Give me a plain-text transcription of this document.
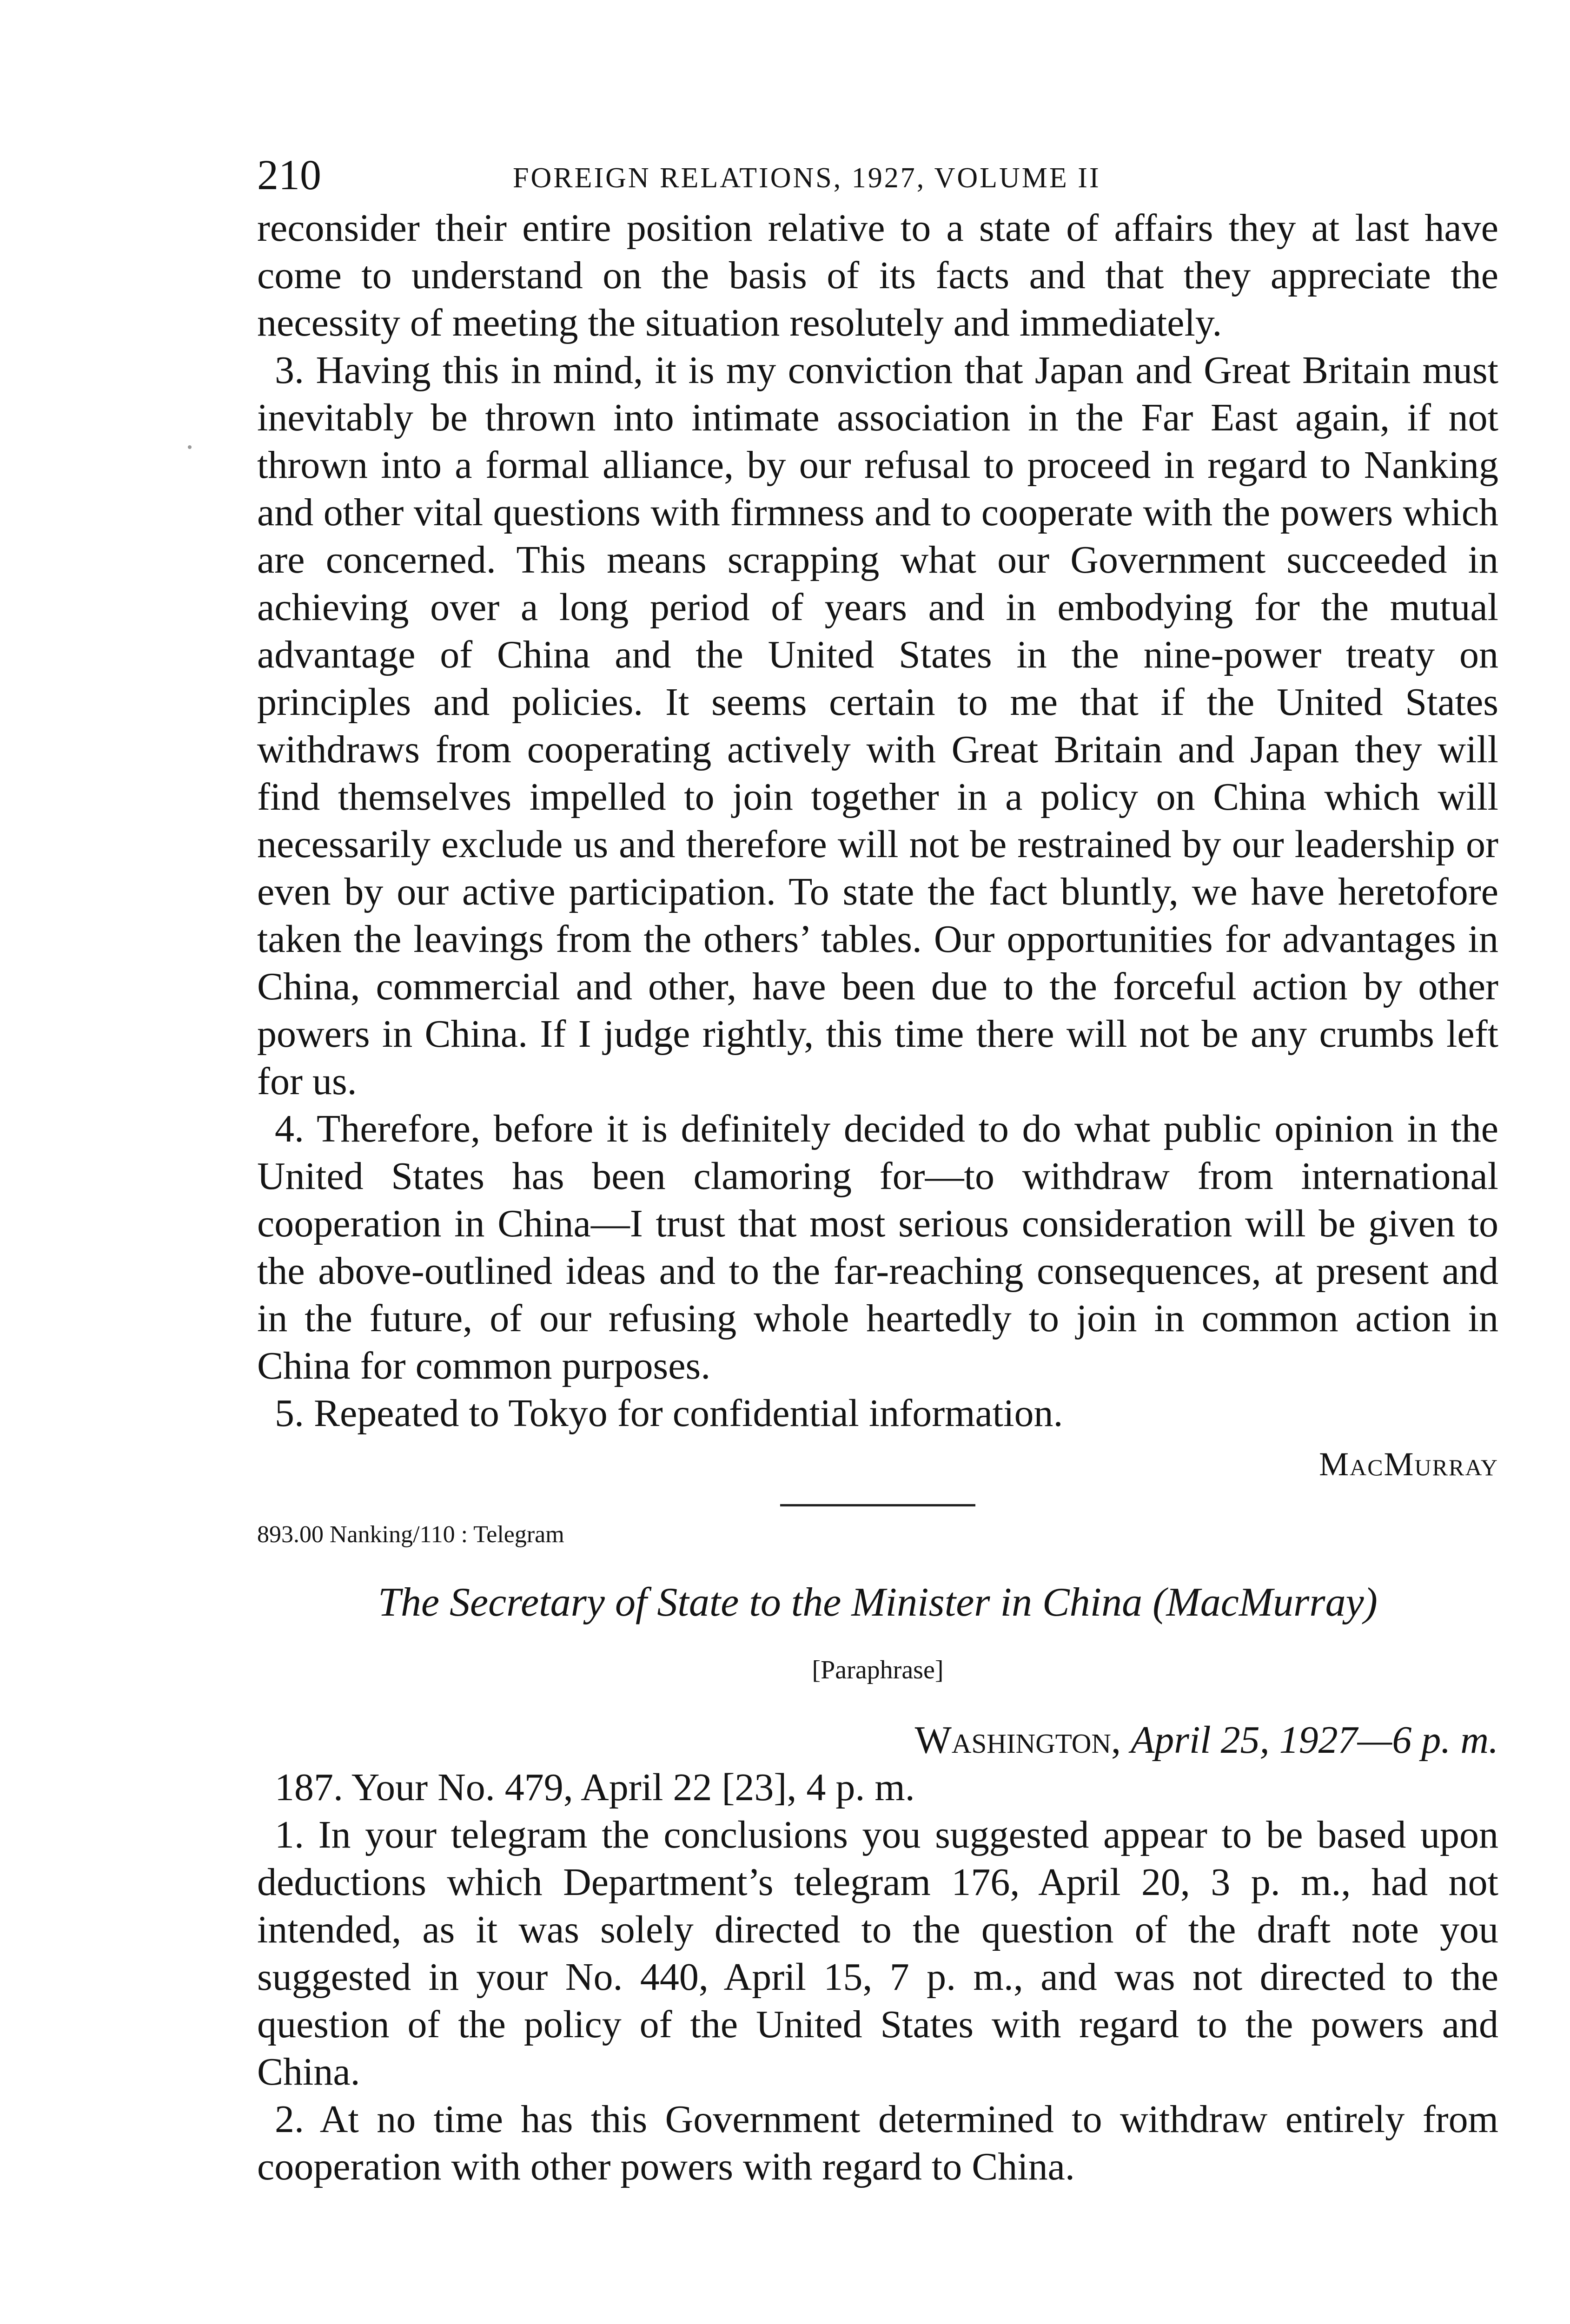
210	FOREIGN RELATIONS, 1927, VOLUME II

reconsider their entire position relative to a state of affairs they at last have come to understand on the basis of its facts and that they appreciate the necessity of meeting the situation resolutely and immediately.

3. Having this in mind, it is my conviction that Japan and Great Britain must inevitably be thrown into intimate association in the Far East again, if not thrown into a formal alliance, by our refusal to proceed in regard to Nanking and other vital questions with firmness and to cooperate with the powers which are concerned. This means scrapping what our Government succeeded in achieving over a long period of years and in embodying for the mutual advantage of China and the United States in the nine-power treaty on principles and policies. It seems certain to me that if the United States withdraws from cooperating actively with Great Britain and Japan they will find themselves impelled to join together in a policy on China which will necessarily exclude us and therefore will not be restrained by our leadership or even by our active participation. To state the fact bluntly, we have heretofore taken the leavings from the others’ tables. Our opportunities for advantages in China, commercial and other, have been due to the forceful action by other powers in China. If I judge rightly, this time there will not be any crumbs left for us.

4. Therefore, before it is definitely decided to do what public opinion in the United States has been clamoring for—to withdraw from international cooperation in China—I trust that most serious consideration will be given to the above-outlined ideas and to the far-reaching consequences, at present and in the future, of our refusing whole heartedly to join in common action in China for common purposes.

5. Repeated to Tokyo for confidential information.

MacMurray
893.00 Nanking/110 : Telegram
The Secretary of State to the Minister in China (MacMurray)
[Paraphrase]
Washington, April 25, 1927—6 p. m.

187. Your No. 479, April 22 [23], 4 p. m.

1. In your telegram the conclusions you suggested appear to be based upon deductions which Department’s telegram 176, April 20, 3 p. m., had not intended, as it was solely directed to the question of the draft note you suggested in your No. 440, April 15, 7 p. m., and was not directed to the question of the policy of the United States with regard to the powers and China.

2. At no time has this Government determined to withdraw entirely from cooperation with other powers with regard to China.
